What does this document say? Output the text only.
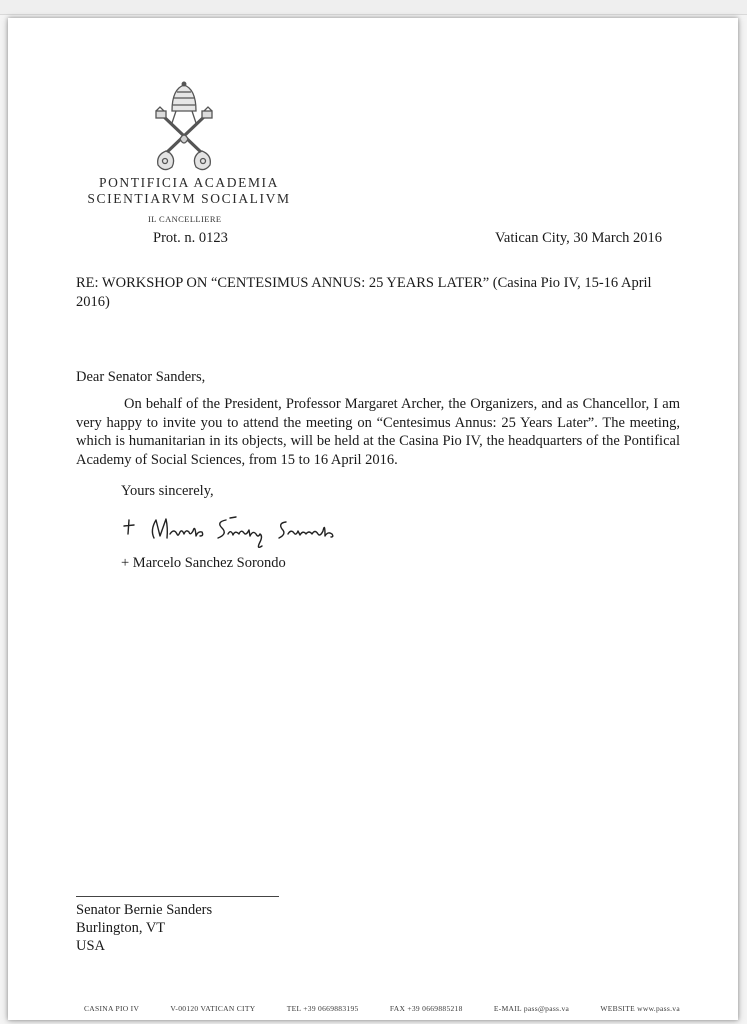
PONTIFICIA ACADEMIA
SCIENTIARVM SOCIALIVM
IL CANCELLIERE
Prot. n. 0123	Vatican City, 30 March 2016
RE: WORKSHOP ON “CENTESIMUS ANNUS: 25 YEARS LATER” (Casina Pio IV, 15-16 April 2016)
Dear Senator Sanders,
On behalf of the President, Professor Margaret Archer, the Organizers, and as Chancellor, I am very happy to invite you to attend the meeting on “Centesimus Annus: 25 Years Later”. The meeting, which is humanitarian in its objects, will be held at the Casina Pio IV, the headquarters of the Pontifical Academy of Social Sciences, from 15 to 16 April 2016.
Yours sincerely,
+ Marcelo Sanchez Sorondo
Senator Bernie Sanders
Burlington, VT
USA
CASINA PIO IV	V-00120 VATICAN CITY	TEL +39 0669883195	FAX +39 0669885218	E-MAIL pass@pass.va	WEBSITE www.pass.va
